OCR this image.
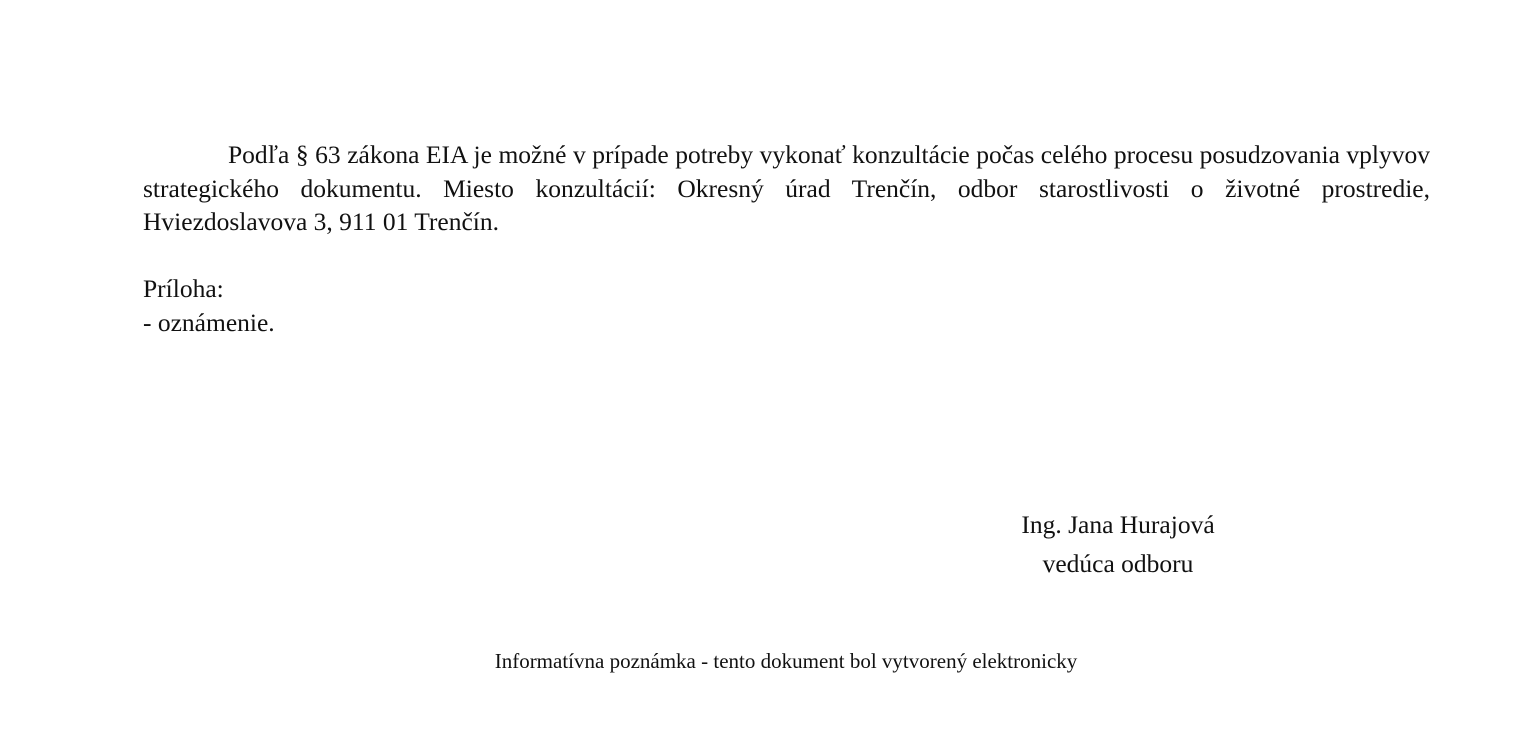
Podľa § 63 zákona EIA je možné v prípade potreby vykonať konzultácie počas celého procesu posudzovania vplyvov strategického dokumentu. Miesto konzultácií: Okresný úrad Trenčín, odbor starostlivosti o životné prostredie, Hviezdoslavova 3, 911 01 Trenčín.

Príloha:
- oznámenie.
Ing. Jana Hurajová
vedúca odboru
Informatívna poznámka - tento dokument bol vytvorený elektronicky
